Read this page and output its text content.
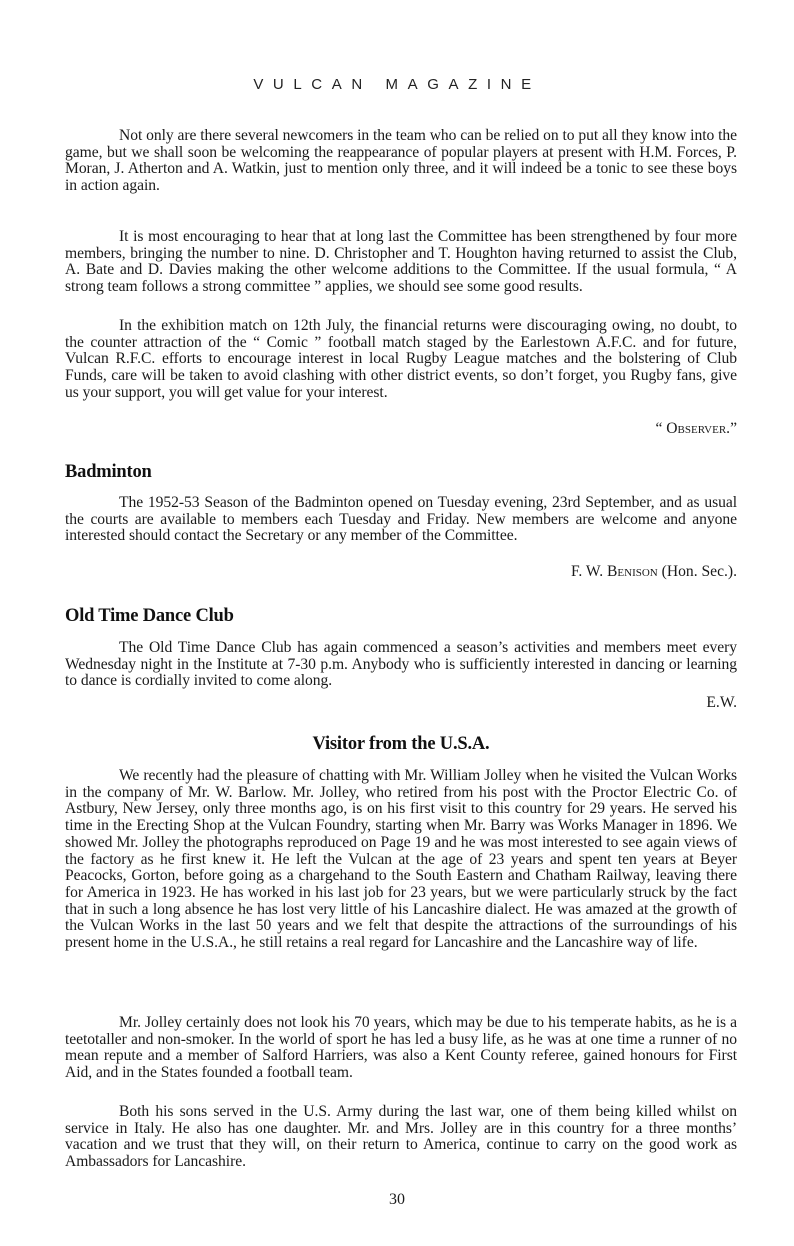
VULCAN MAGAZINE

Not only are there several newcomers in the team who can be relied on to put all they know into the game, but we shall soon be welcoming the reappearance of popular players at present with H.M. Forces, P. Moran, J. Atherton and A. Watkin, just to mention only three, and it will indeed be a tonic to see these boys in action again.

It is most encouraging to hear that at long last the Committee has been strengthened by four more members, bringing the number to nine. D. Christopher and T. Houghton having returned to assist the Club, A. Bate and D. Davies making the other welcome additions to the Committee. If the usual formula, “ A strong team follows a strong committee ” applies, we should see some good results.

In the exhibition match on 12th July, the financial returns were discouraging owing, no doubt, to the counter attraction of the “ Comic ” football match staged by the Earlestown A.F.C. and for future, Vulcan R.F.C. efforts to encourage interest in local Rugby League matches and the bolstering of Club Funds, care will be taken to avoid clashing with other district events, so don’t forget, you Rugby fans, give us your support, you will get value for your interest.

“ Observer.”
Badminton

The 1952-53 Season of the Badminton opened on Tuesday evening, 23rd September, and as usual the courts are available to members each Tuesday and Friday. New members are welcome and anyone interested should contact the Secretary or any member of the Committee.

F. W. Benison (Hon. Sec.).
Old Time Dance Club

The Old Time Dance Club has again commenced a season’s activities and members meet every Wednesday night in the Institute at 7-30 p.m. Anybody who is sufficiently interested in dancing or learning to dance is cordially invited to come along.

E.W.
Visitor from the U.S.A.

We recently had the pleasure of chatting with Mr. William Jolley when he visited the Vulcan Works in the company of Mr. W. Barlow. Mr. Jolley, who retired from his post with the Proctor Electric Co. of Astbury, New Jersey, only three months ago, is on his first visit to this country for 29 years. He served his time in the Erecting Shop at the Vulcan Foundry, starting when Mr. Barry was Works Manager in 1896. We showed Mr. Jolley the photographs reproduced on Page 19 and he was most interested to see again views of the factory as he first knew it. He left the Vulcan at the age of 23 years and spent ten years at Beyer Peacocks, Gorton, before going as a chargehand to the South Eastern and Chatham Railway, leaving there for America in 1923. He has worked in his last job for 23 years, but we were particularly struck by the fact that in such a long absence he has lost very little of his Lancashire dialect. He was amazed at the growth of the Vulcan Works in the last 50 years and we felt that despite the attractions of the surroundings of his present home in the U.S.A., he still retains a real regard for Lancashire and the Lancashire way of life.

Mr. Jolley certainly does not look his 70 years, which may be due to his temperate habits, as he is a teetotaller and non-smoker. In the world of sport he has led a busy life, as he was at one time a runner of no mean repute and a member of Salford Harriers, was also a Kent County referee, gained honours for First Aid, and in the States founded a football team.

Both his sons served in the U.S. Army during the last war, one of them being killed whilst on service in Italy. He also has one daughter. Mr. and Mrs. Jolley are in this country for a three months’ vacation and we trust that they will, on their return to America, continue to carry on the good work as Ambassadors for Lancashire.

30
